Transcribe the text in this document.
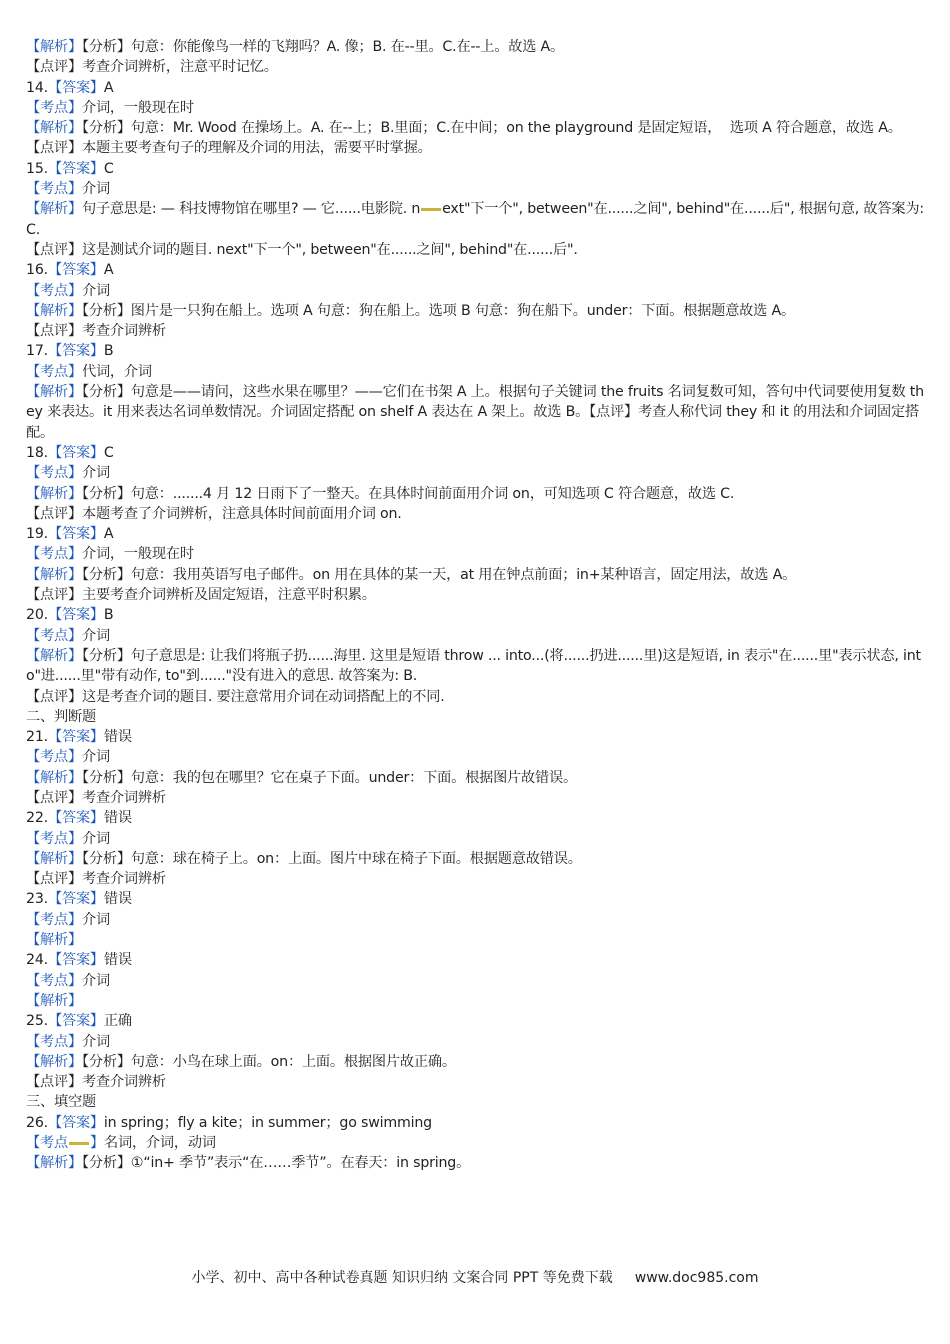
【解析】【分析】句意：你能像鸟一样的飞翔吗？A. 像；B. 在--里。C.在--上。故选 A。
【点评】考查介词辨析，注意平时记忆。
14.【答案】A
【考点】介词，一般现在时
【解析】【分析】句意：Mr. Wood 在操场上。A. 在--上；B.里面；C.在中间；on the playground 是固定短语，  选项 A 符合题意，故选 A。
【点评】本题主要考查句子的理解及介词的用法，需要平时掌握。
15.【答案】C
【考点】介词
【解析】句子意思是: — 科技博物馆在哪里? — 它......电影院. n ext"下一个", between"在......之间", behind"在......后", 根据句意, 故答案为: C.
【点评】这是测试介词的题目. next"下一个", between"在......之间", behind"在......后".
16.【答案】A
【考点】介词
【解析】【分析】图片是一只狗在船上。选项 A 句意：狗在船上。选项 B 句意：狗在船下。under：下面。根据题意故选 A。
【点评】考查介词辨析
17.【答案】B
【考点】代词，介词
【解析】【分析】句意是——请问，这些水果在哪里？——它们在书架 A 上。根据句子关键词 the fruits 名词复数可知，答句中代词要使用复数 they 来表达。it 用来表达名词单数情况。介词固定搭配 on shelf A 表达在 A 架上。故选 B。【点评】考查人称代词 they 和 it 的用法和介词固定搭配。
18.【答案】C
【考点】介词
【解析】【分析】句意：.......4 月 12 日雨下了一整天。在具体时间前面用介词 on，可知选项 C 符合题意，故选 C.
【点评】本题考查了介词辨析，注意具体时间前面用介词 on.
19.【答案】A
【考点】介词，一般现在时
【解析】【分析】句意：我用英语写电子邮件。on 用在具体的某一天，at 用在钟点前面；in+某种语言，固定用法，故选 A。
【点评】主要考查介词辨析及固定短语，注意平时积累。
20.【答案】B
【考点】介词
【解析】【分析】句子意思是: 让我们将瓶子扔......海里. 这里是短语 throw ... into...(将......扔进......里)这是短语, in 表示"在......里"表示状态, into"进......里"带有动作, to"到......"没有进入的意思. 故答案为: B.
【点评】这是考查介词的题目. 要注意常用介词在动词搭配上的不同.
二、判断题
21.【答案】错误
【考点】介词
【解析】【分析】句意：我的包在哪里？它在桌子下面。under：下面。根据图片故错误。
【点评】考查介词辨析
22.【答案】错误
【考点】介词
【解析】【分析】句意：球在椅子上。on：上面。图片中球在椅子下面。根据题意故错误。
【点评】考查介词辨析
23.【答案】错误
【考点】介词
【解析】
24.【答案】错误
【考点】介词
【解析】
25.【答案】正确
【考点】介词
【解析】【分析】句意：小鸟在球上面。on：上面。根据图片故正确。
【点评】考查介词辨析
三、填空题
26.【答案】in spring；fly a kite；in summer；go swimming
【考点 】名词，介词，动词
【解析】【分析】①“in+ 季节”表示“在……季节”。在春天：in spring。
小学、初中、高中各种试卷真题 知识归纳 文案合同 PPT 等免费下载 www.doc985.com
